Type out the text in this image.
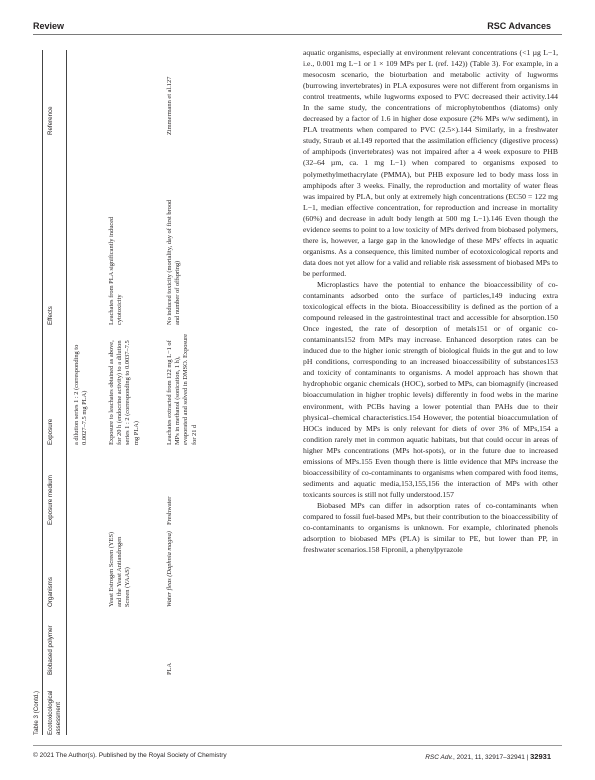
Review	RSC Advances
Table 3 (Contd.) Ecotoxicological assessment
Biobased polymer
Organisms
Exposure medium
Exposure
Effects
Reference
a dilution series 1 : 2 (corresponding to 0.0027–7.5 mg PLA)
Yeast Estrogen Screen (YES) and the Yeast Antiandrogen Screen (YAAS)
Exposure to leachates obtained as above, for 20 h (endocrine activity) to a dilution series 1 : 2 (corresponding to 0.0037–7.5 mg PLA)
Leachates from PLA significantly induced cytotoxicity
PLA
Water fleas (Daphnia magna)
Freshwater
Leachates extracted from 122 mg L−1 of MPs in methanol (sonication, 1 h), evaporated and solved in DMSO. Exposure for 21 d
No induced toxicity (mortality, day of first brood and number of offspring)
Zimmermann et al.127

aquatic organisms, especially at environment relevant concentrations (<1 µg L−1, i.e., 0.001 mg L−1 or 1 × 109 MPs per L (ref. 142)) (Table 3). For example, in a mesocosm scenario, the bioturbation and metabolic activity of lugworms (burrowing invertebrates) in PLA exposures were not different from organisms in control treatments, while lugworms exposed to PVC decreased their activity.144 In the same study, the concentrations of microphytobenthos (diatoms) only decreased by a factor of 1.6 in higher dose exposure (2% MPs w/w sediment), in PLA treatments when compared to PVC (2.5×).144 Similarly, in a freshwater study, Straub et al.149 reported that the assimilation efficiency (digestive process) of amphipods (invertebrates) was not impaired after a 4 week exposure to PHB (32–64 µm, ca. 1 mg L−1) when compared to organisms exposed to polymethylmethacrylate (PMMA), but PHB exposure led to body mass loss in amphipods after 3 weeks. Finally, the reproduction and mortality of water fleas was impaired by PLA, but only at extremely high concentrations (EC50 = 122 mg L−1, median effective concentration, for reproduction and increase in mortality (60%) and decrease in adult body length at 500 mg L−1).146 Even though the evidence seems to point to a low toxicity of MPs derived from biobased polymers, there is, however, a large gap in the knowledge of these MPs' effects in aquatic organisms. As a consequence, this limited number of ecotoxicological reports and data does not yet allow for a valid and reliable risk assessment of biobased MPs to be performed.

Microplastics have the potential to enhance the bioaccessibility of co-contaminants adsorbed onto the surface of particles,149 inducing extra toxicological effects in the biota. Bioaccessibility is defined as the portion of a compound released in the gastrointestinal tract and accessible for absorption.150 Once ingested, the rate of desorption of metals151 or of organic co-contaminants152 from MPs may increase. Enhanced desorption rates can be induced due to the higher ionic strength of biological fluids in the gut and to low pH conditions, corresponding to an increased bioaccessibility of substances153 and toxicity of contaminants to organisms. A model approach has shown that hydrophobic organic chemicals (HOC), sorbed to MPs, can biomagnify (increased bioaccumulation in higher trophic levels) differently in food webs in the marine environment, with PCBs having a lower potential than PAHs due to their physical–chemical characteristics.154 However, the potential bioaccumulation of HOCs induced by MPs is only relevant for diets of over 3% of MPs,154 a condition rarely met in common aquatic habitats, but that could occur in areas of higher MPs concentrations (MPs hot-spots), or in the future due to increased emissions of MPs.155 Even though there is little evidence that MPs increase the bioaccessibility of co-contaminants to organisms when compared with food items, sediments and aquatic media,153,155,156 the interaction of MPs with other toxicants sources is still not fully understood.157

Biobased MPs can differ in adsorption rates of co-contaminants when compared to fossil fuel-based MPs, but their contribution to the bioaccessibility of co-contaminants to organisms is unknown. For example, chlorinated phenols adsorption to biobased MPs (PLA) is similar to PE, but lower than PP, in freshwater scenarios.158 Fipronil, a phenylpyrazole

© 2021 The Author(s). Published by the Royal Society of Chemistry	RSC Adv., 2021, 11, 32917–32941 | 32931
